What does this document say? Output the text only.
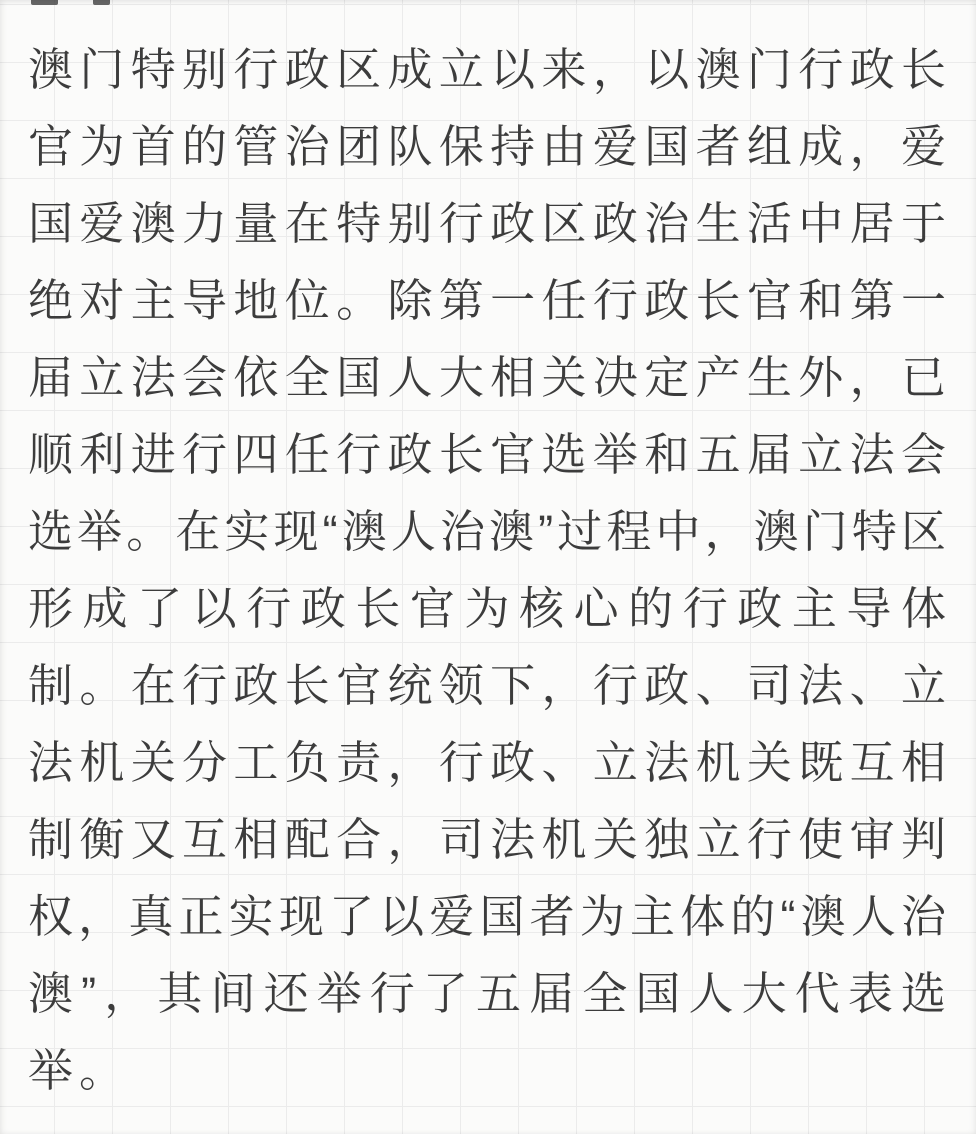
澳门特别行政区成立以来，以澳门行政长
官为首的管治团队保持由爱国者组成，爱
国爱澳力量在特别行政区政治生活中居于
绝对主导地位。除第一任行政长官和第一
届立法会依全国人大相关决定产生外，已
顺利进行四任行政长官选举和五届立法会
选举。在实现“澳人治澳”过程中，澳门特区
形成了以行政长官为核心的行政主导体
制。在行政长官统领下，行政、司法、立
法机关分工负责，行政、立法机关既互相
制衡又互相配合，司法机关独立行使审判
权，真正实现了以爱国者为主体的“澳人治
澳”，其间还举行了五届全国人大代表选
举。
